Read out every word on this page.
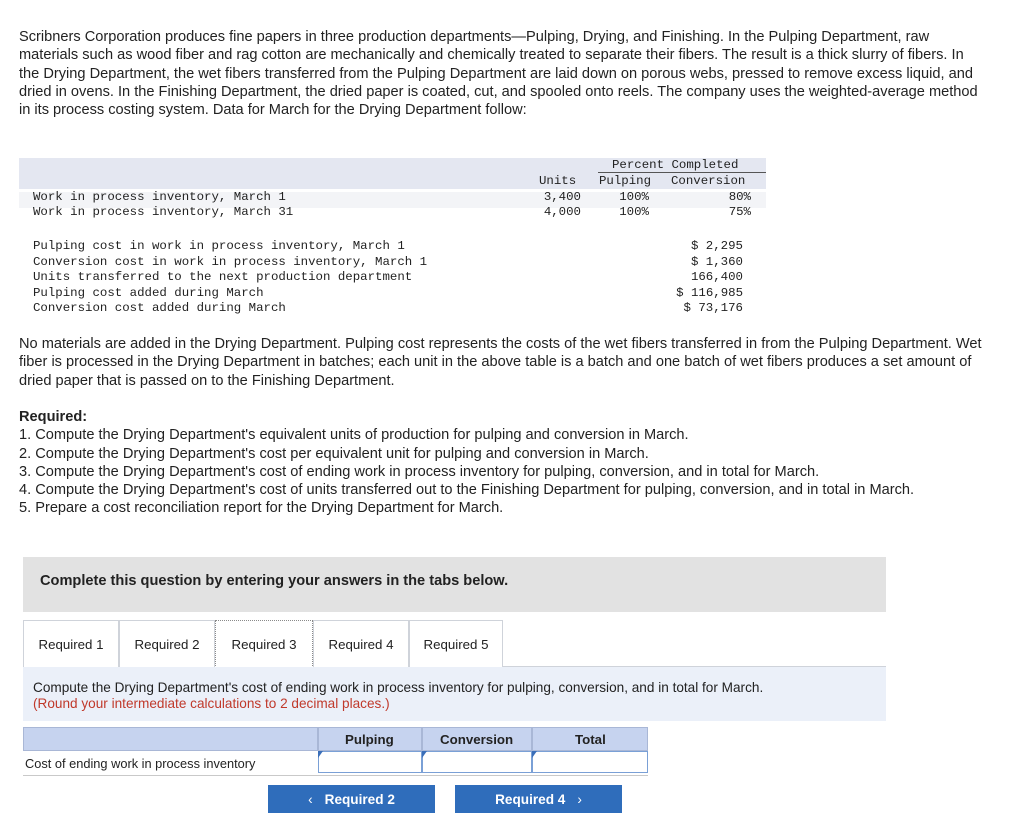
Scribners Corporation produces fine papers in three production departments—Pulping, Drying, and Finishing. In the Pulping Department, raw materials such as wood fiber and rag cotton are mechanically and chemically treated to separate their fibers. The result is a thick slurry of fibers. In the Drying Department, the wet fibers transferred from the Pulping Department are laid down on porous webs, pressed to remove excess liquid, and dried in ovens. In the Finishing Department, the dried paper is coated, cut, and spooled onto reels. The company uses the weighted-average method in its process costing system. Data for March for the Drying Department follow:
Percent Completed
Units Pulping Conversion
Work in process inventory, March 1	3,400	100%	80%
Work in process inventory, March 31	4,000	100%	75%
Pulping cost in work in process inventory, March 1	$ 2,295
Conversion cost in work in process inventory, March 1	$ 1,360
Units transferred to the next production department	166,400
Pulping cost added during March	$ 116,985
Conversion cost added during March	$ 73,176
No materials are added in the Drying Department. Pulping cost represents the costs of the wet fibers transferred in from the Pulping Department. Wet fiber is processed in the Drying Department in batches; each unit in the above table is a batch and one batch of wet fibers produces a set amount of dried paper that is passed on to the Finishing Department.
Required:
1. Compute the Drying Department's equivalent units of production for pulping and conversion in March.
2. Compute the Drying Department's cost per equivalent unit for pulping and conversion in March.
3. Compute the Drying Department's cost of ending work in process inventory for pulping, conversion, and in total for March.
4. Compute the Drying Department's cost of units transferred out to the Finishing Department for pulping, conversion, and in total in March.
5. Prepare a cost reconciliation report for the Drying Department for March.
Complete this question by entering your answers in the tabs below.
Required 1	Required 2	Required 3	Required 4	Required 5
Compute the Drying Department's cost of ending work in process inventory for pulping, conversion, and in total for March.
(Round your intermediate calculations to 2 decimal places.)
Pulping	Conversion	Total
Cost of ending work in process inventory
‹ Required 2	Required 4 ›
